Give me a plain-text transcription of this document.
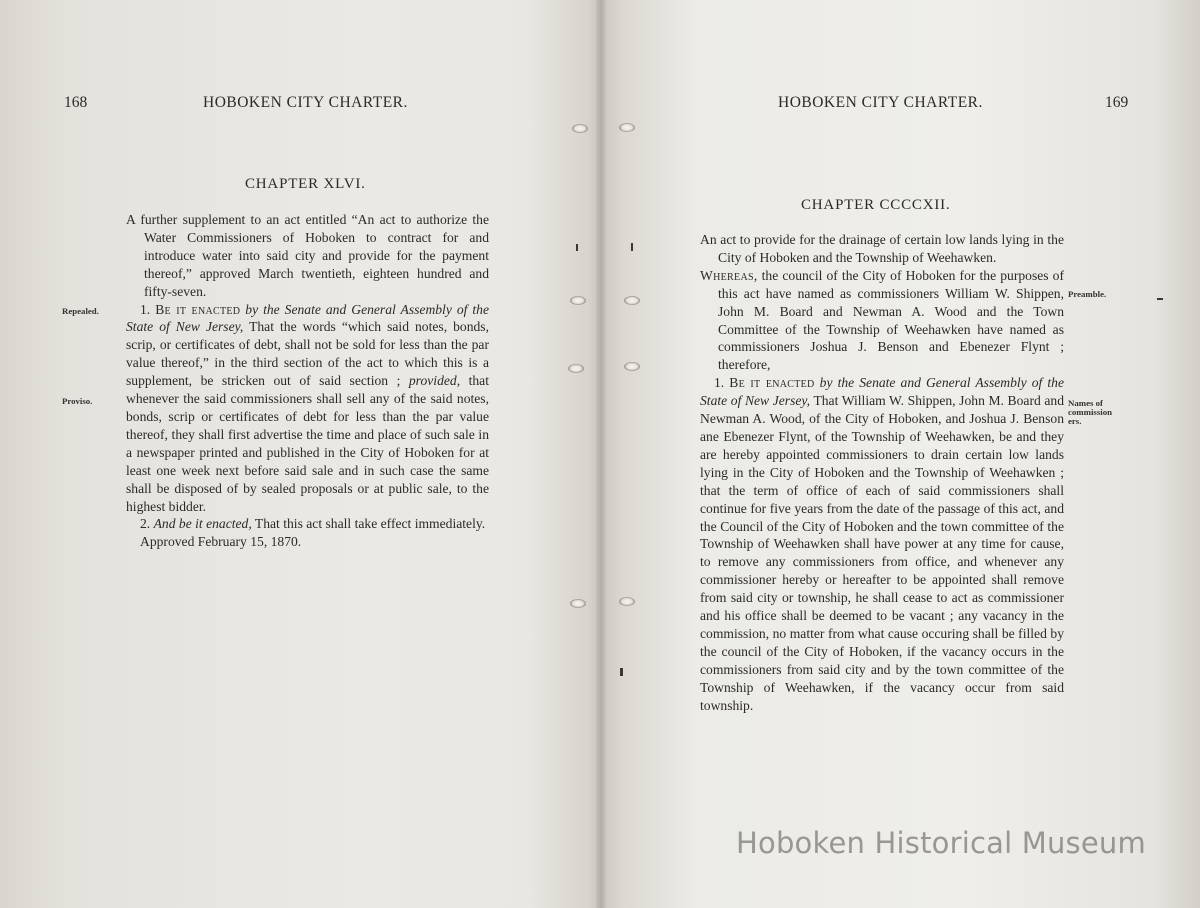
168	HOBOKEN CITY CHARTER.
CHAPTER XLVI.
Repealed.
Proviso.

A further supplement to an act entitled “An act to authorize the Water Commissioners of Hoboken to contract for and introduce water into said city and provide for the payment thereof,” approved March twentieth, eighteen hundred and fifty-seven.

1. Be it enacted by the Senate and General Assembly of the State of New Jersey, That the words “which said notes, bonds, scrip, or certificates of debt, shall not be sold for less than the par value thereof,” in the third section of the act to which this is a supplement, be stricken out of said section ; provided, that whenever the said commissioners shall sell any of the said notes, bonds, scrip or certificates of debt for less than the par value thereof, they shall first advertise the time and place of such sale in a newspaper printed and published in the City of Hoboken for at least one week next before said sale and in such case the same shall be disposed of by sealed proposals or at public sale, to the highest bidder.

2. And be it enacted, That this act shall take effect immediately.

Approved February 15, 1870.

HOBOKEN CITY CHARTER.	169
CHAPTER CCCCXII.
Preamble.
Names of commission ers.

An act to provide for the drainage of certain low lands lying in the City of Hoboken and the Township of Weehawken.

Whereas, the council of the City of Hoboken for the purposes of this act have named as commissioners William W. Shippen, John M. Board and Newman A. Wood and the Town Committee of the Township of Weehawken have named as commissioners Joshua J. Benson and Ebenezer Flynt ; therefore,

1. Be it enacted by the Senate and General Assembly of the State of New Jersey, That William W. Shippen, John M. Board and Newman A. Wood, of the City of Hoboken, and Joshua J. Benson ane Ebenezer Flynt, of the Township of Weehawken, be and they are hereby appointed commissioners to drain certain low lands lying in the City of Hoboken and the Township of Weehawken ; that the term of office of each of said commissioners shall continue for five years from the date of the passage of this act, and the Council of the City of Hoboken and the town committee of the Township of Weehawken shall have power at any time for cause, to remove any commissioners from office, and whenever any commissioner hereby or hereafter to be appointed shall remove from said city or township, he shall cease to act as commissioner and his office shall be deemed to be vacant ; any vacancy in the commission, no matter from what cause occuring shall be filled by the council of the City of Hoboken, if the vacancy occurs in the commissioners from said city and by the town committee of the Township of Weehawken, if the vacancy occur from said township.

Hoboken Historical Museum
